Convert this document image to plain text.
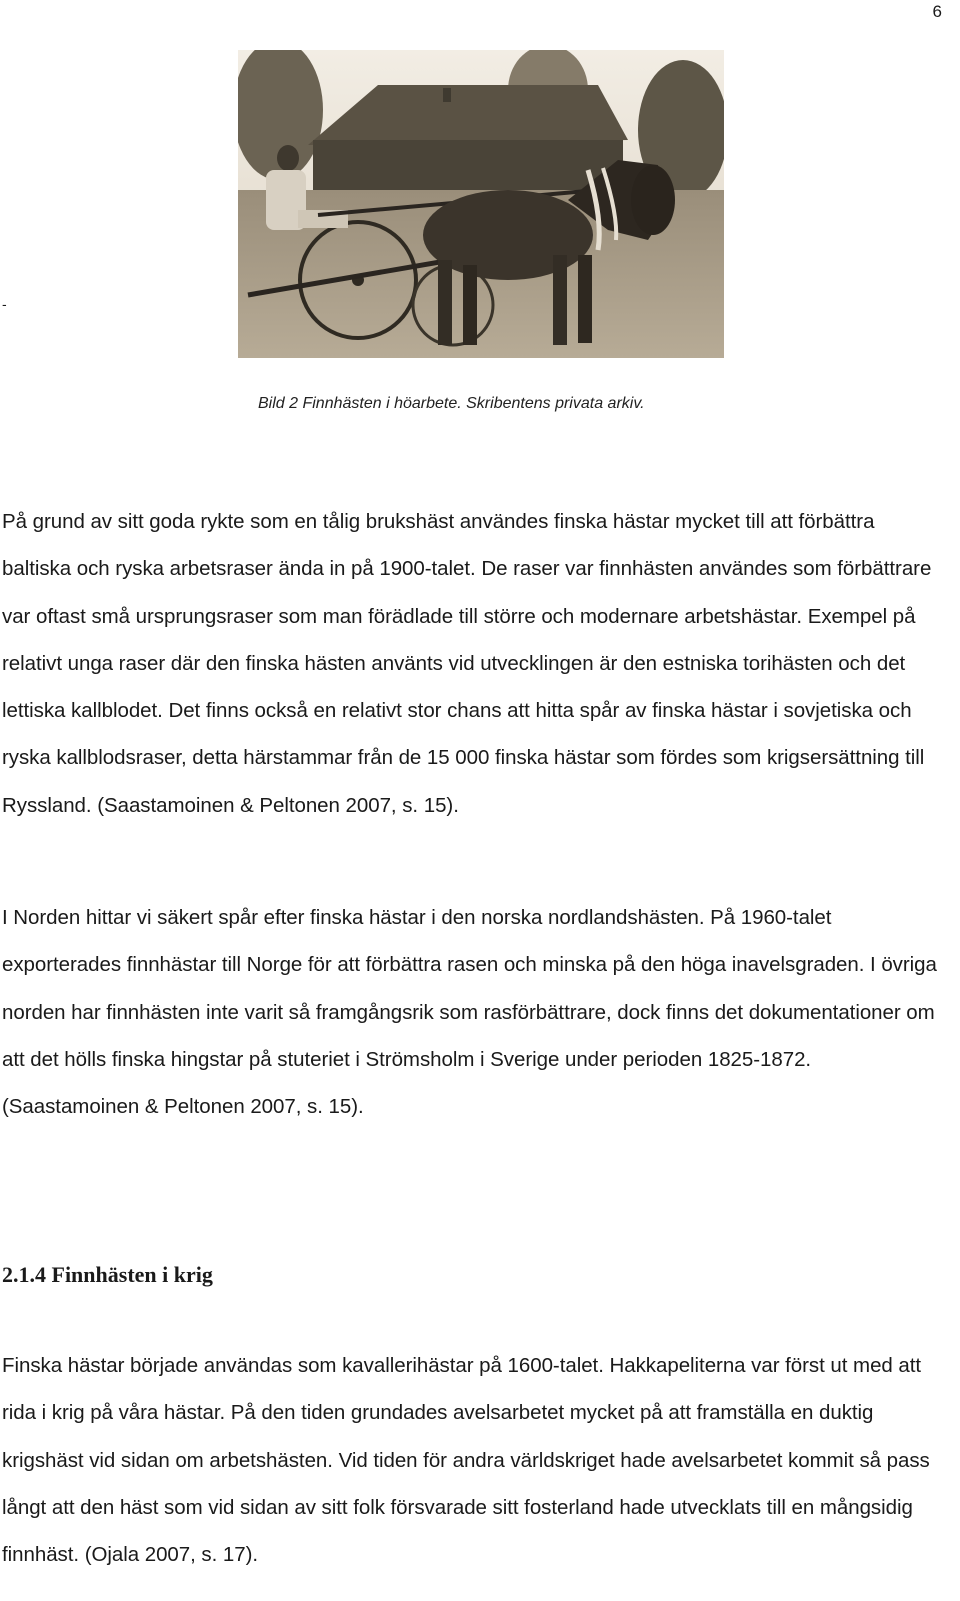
6
-
Bild 2 Finnhästen i höarbete. Skribentens privata arkiv.

På grund av sitt goda rykte som en tålig brukshäst användes finska hästar mycket till att förbättra baltiska och ryska arbetsraser ända in på 1900-talet. De raser var finnhästen användes som förbättrare var oftast små ursprungsraser som man förädlade till större och modernare arbetshästar. Exempel på relativt unga raser där den finska hästen använts vid utvecklingen är den estniska torihästen och det lettiska kallblodet. Det finns också en relativt stor chans att hitta spår av finska hästar i sovjetiska och ryska kallblodsraser, detta härstammar från de 15 000 finska hästar som fördes som krigsersättning till Ryssland. (Saastamoinen & Peltonen 2007, s. 15).

I Norden hittar vi säkert spår efter finska hästar i den norska nordlandshästen. På 1960-talet exporterades finnhästar till Norge för att förbättra rasen och minska på den höga inavelsgraden. I övriga norden har finnhästen inte varit så framgångsrik som rasförbättrare, dock finns det dokumentationer om att det hölls finska hingstar på stuteriet i Strömsholm i Sverige under perioden 1825-1872. (Saastamoinen & Peltonen 2007, s. 15).

2.1.4 Finnhästen i krig

Finska hästar började användas som kavallerihästar på 1600-talet. Hakkapeliterna var först ut med att rida i krig på våra hästar. På den tiden grundades avelsarbetet mycket på att framställa en duktig krigshäst vid sidan om arbetshästen. Vid tiden för andra världskriget hade avelsarbetet kommit så pass långt att den häst som vid sidan av sitt folk försvarade sitt fosterland hade utvecklats till en mångsidig finnhäst. (Ojala 2007, s. 17).
